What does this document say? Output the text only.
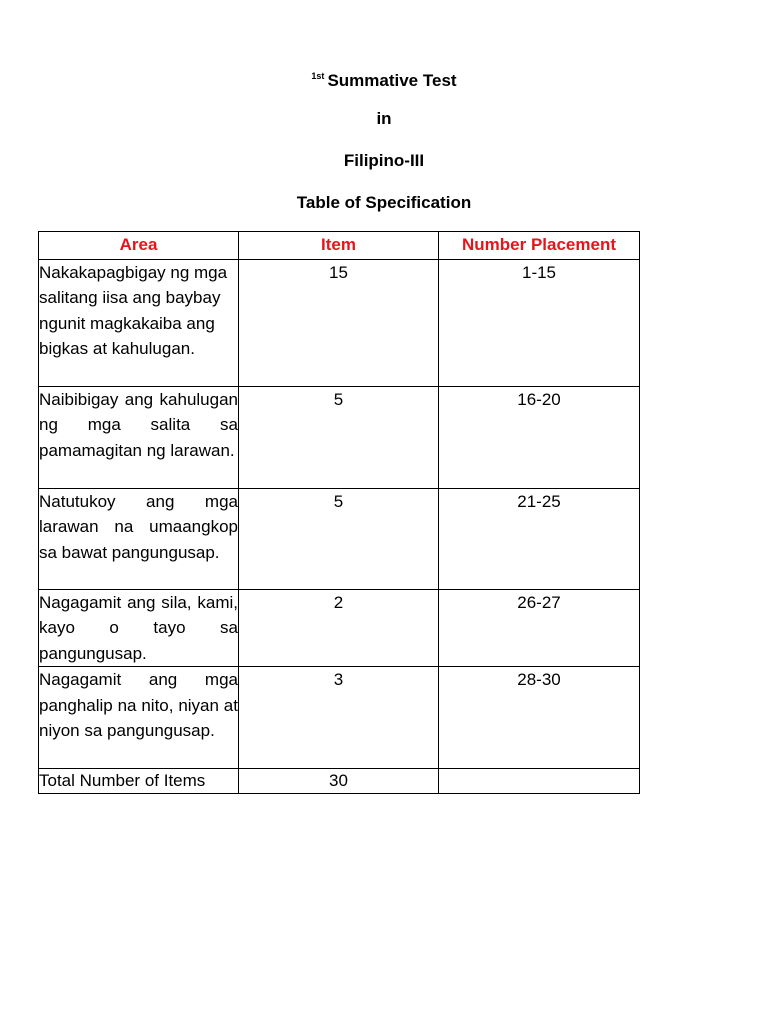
$^{1st}$ Summative Test
in
Filipino-III
Table of Specification
Area	Item	Number Placement
Nakakapagbigay ng mga salitang iisa ang baybay ngunit magkakaiba ang bigkas at kahulugan.	15	1-15
Naibibigay ang kahulugan ng mga salita sa pamamagitan ng larawan.	5	16-20
Natutukoy ang mga larawan na umaangkop sa bawat pangungusap.	5	21-25
Nagagamit ang sila, kami, kayo o tayo sa pangungusap.	2	26-27
Nagagamit ang mga panghalip na nito, niyan at niyon sa pangungusap.	3	28-30
Total Number of Items	30	
